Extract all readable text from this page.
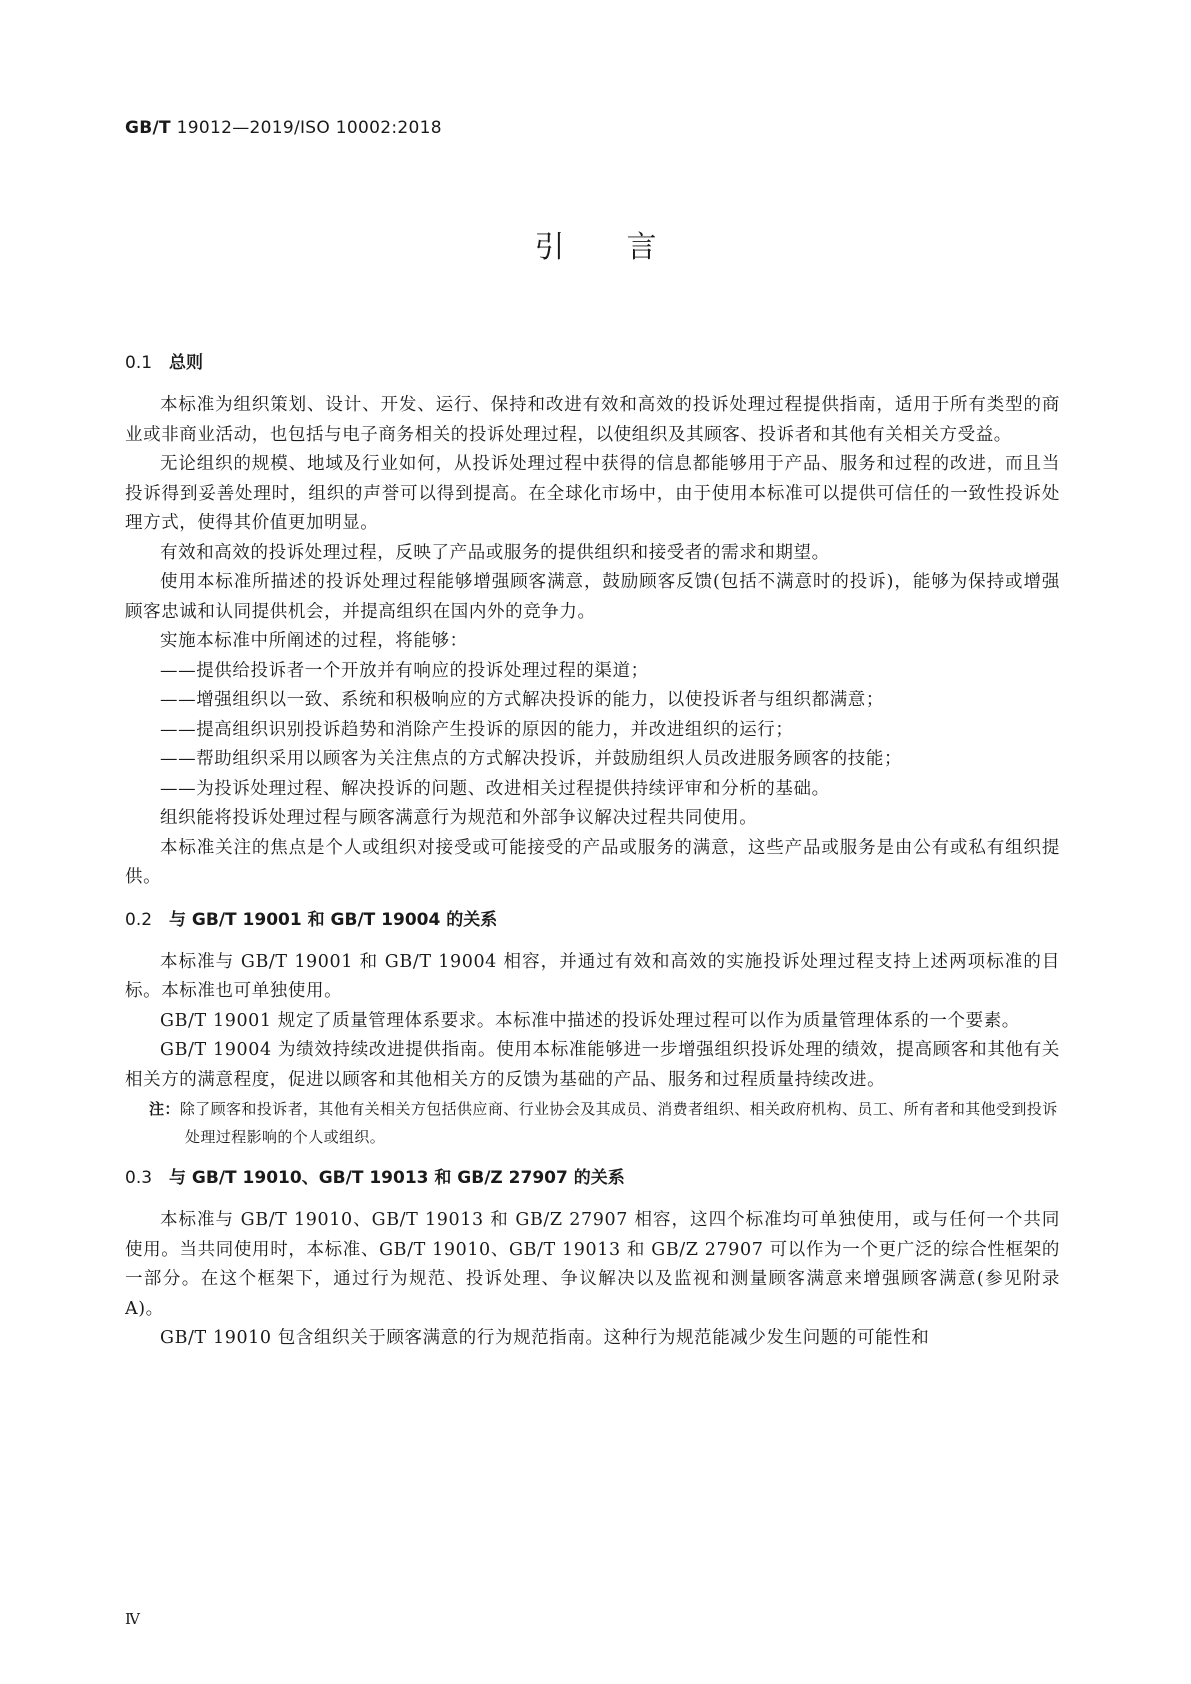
GB/T 19012—2019/ISO 10002:2018
引言
0.1 总则

本标准为组织策划、设计、开发、运行、保持和改进有效和高效的投诉处理过程提供指南，适用于所有类型的商业或非商业活动，也包括与电子商务相关的投诉处理过程，以使组织及其顾客、投诉者和其他有关相关方受益。

无论组织的规模、地域及行业如何，从投诉处理过程中获得的信息都能够用于产品、服务和过程的改进，而且当投诉得到妥善处理时，组织的声誉可以得到提高。在全球化市场中，由于使用本标准可以提供可信任的一致性投诉处理方式，使得其价值更加明显。

有效和高效的投诉处理过程，反映了产品或服务的提供组织和接受者的需求和期望。

使用本标准所描述的投诉处理过程能够增强顾客满意，鼓励顾客反馈(包括不满意时的投诉)，能够为保持或增强顾客忠诚和认同提供机会，并提高组织在国内外的竞争力。

实施本标准中所阐述的过程，将能够：

——提供给投诉者一个开放并有响应的投诉处理过程的渠道；

——增强组织以一致、系统和积极响应的方式解决投诉的能力，以使投诉者与组织都满意；

——提高组织识别投诉趋势和消除产生投诉的原因的能力，并改进组织的运行；

——帮助组织采用以顾客为关注焦点的方式解决投诉，并鼓励组织人员改进服务顾客的技能；

——为投诉处理过程、解决投诉的问题、改进相关过程提供持续评审和分析的基础。

组织能将投诉处理过程与顾客满意行为规范和外部争议解决过程共同使用。

本标准关注的焦点是个人或组织对接受或可能接受的产品或服务的满意，这些产品或服务是由公有或私有组织提供。

0.2 与 GB/T 19001 和 GB/T 19004 的关系

本标准与 GB/T 19001 和 GB/T 19004 相容，并通过有效和高效的实施投诉处理过程支持上述两项标准的目标。本标准也可单独使用。

GB/T 19001 规定了质量管理体系要求。本标准中描述的投诉处理过程可以作为质量管理体系的一个要素。

GB/T 19004 为绩效持续改进提供指南。使用本标准能够进一步增强组织投诉处理的绩效，提高顾客和其他有关相关方的满意程度，促进以顾客和其他相关方的反馈为基础的产品、服务和过程质量持续改进。

注：除了顾客和投诉者，其他有关相关方包括供应商、行业协会及其成员、消费者组织、相关政府机构、员工、所有者和其他受到投诉处理过程影响的个人或组织。

0.3 与 GB/T 19010、GB/T 19013 和 GB/Z 27907 的关系

本标准与 GB/T 19010、GB/T 19013 和 GB/Z 27907 相容，这四个标准均可单独使用，或与任何一个共同使用。当共同使用时，本标准、GB/T 19010、GB/T 19013 和 GB/Z 27907 可以作为一个更广泛的综合性框架的一部分。在这个框架下，通过行为规范、投诉处理、争议解决以及监视和测量顾客满意来增强顾客满意(参见附录 A)。

GB/T 19010 包含组织关于顾客满意的行为规范指南。这种行为规范能减少发生问题的可能性和

Ⅳ
